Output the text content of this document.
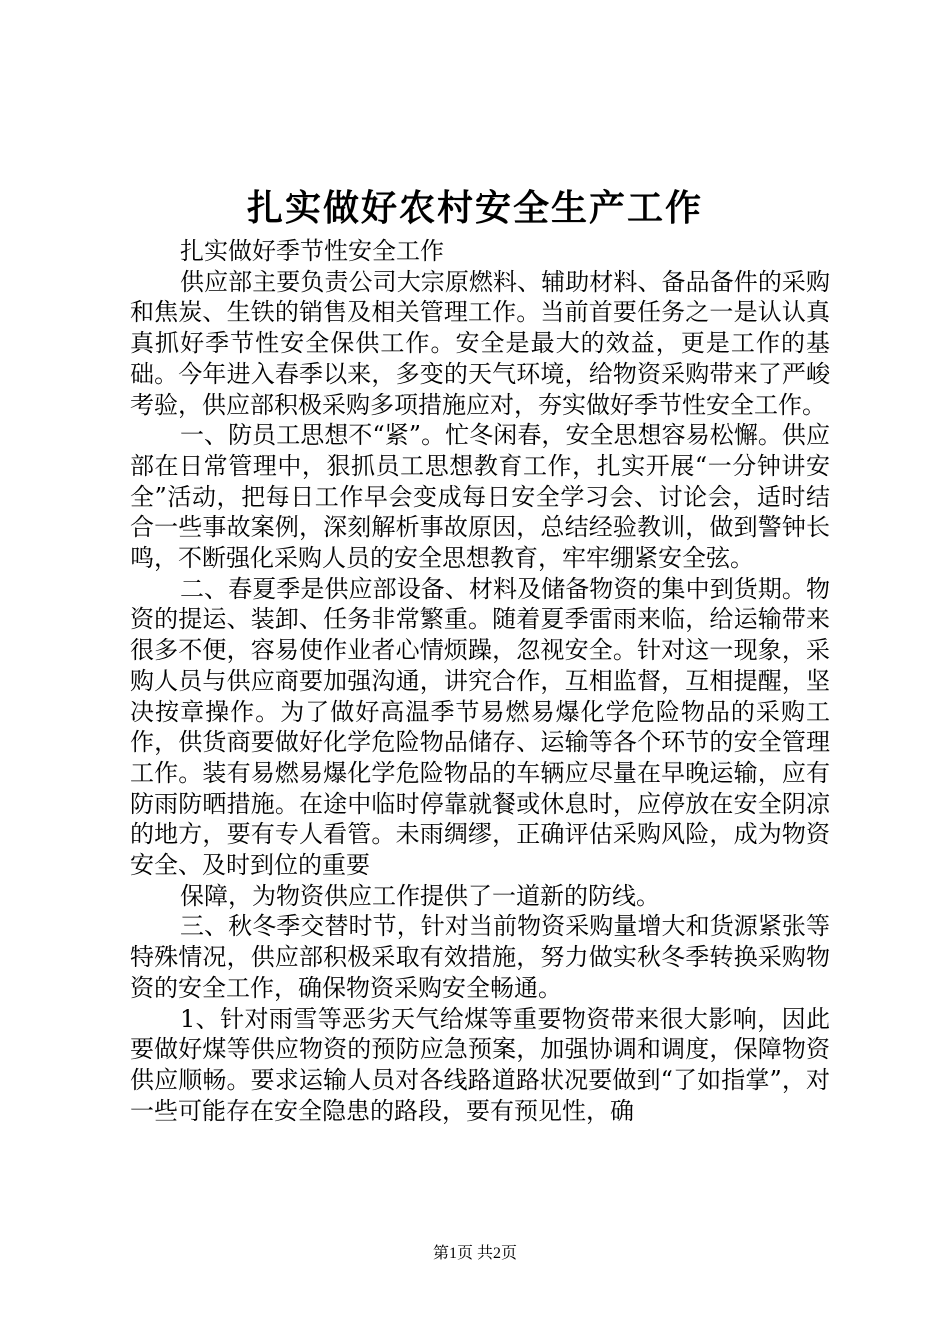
扎实做好农村安全生产工作

扎实做好季节性安全工作

供应部主要负责公司大宗原燃料、辅助材料、备品备件的采购和焦炭、生铁的销售及相关管理工作。当前首要任务之一是认认真真抓好季节性安全保供工作。安全是最大的效益，更是工作的基础。今年进入春季以来，多变的天气环境，给物资采购带来了严峻考验，供应部积极采购多项措施应对，夯实做好季节性安全工作。

一、防员工思想不“紧”。忙冬闲春，安全思想容易松懈。供应部在日常管理中，狠抓员工思想教育工作，扎实开展“一分钟讲安全”活动，把每日工作早会变成每日安全学习会、讨论会，适时结合一些事故案例，深刻解析事故原因，总结经验教训，做到警钟长鸣，不断强化采购人员的安全思想教育，牢牢绷紧安全弦。

二、春夏季是供应部设备、材料及储备物资的集中到货期。物资的提运、装卸、任务非常繁重。随着夏季雷雨来临，给运输带来很多不便，容易使作业者心情烦躁，忽视安全。针对这一现象，采购人员与供应商要加强沟通，讲究合作，互相监督，互相提醒，坚决按章操作。为了做好高温季节易燃易爆化学危险物品的采购工作，供货商要做好化学危险物品储存、运输等各个环节的安全管理工作。装有易燃易爆化学危险物品的车辆应尽量在早晚运输，应有防雨防晒措施。在途中临时停靠就餐或休息时，应停放在安全阴凉的地方，要有专人看管。未雨绸缪，正确评估采购风险，成为物资安全、及时到位的重要

保障，为物资供应工作提供了一道新的防线。

三、秋冬季交替时节，针对当前物资采购量增大和货源紧张等特殊情况，供应部积极采取有效措施，努力做实秋冬季转换采购物资的安全工作，确保物资采购安全畅通。

1、针对雨雪等恶劣天气给煤等重要物资带来很大影响，因此要做好煤等供应物资的预防应急预案，加强协调和调度，保障物资供应顺畅。要求运输人员对各线路道路状况要做到“了如指掌”，对一些可能存在安全隐患的路段，要有预见性，确

第1页 共2页
